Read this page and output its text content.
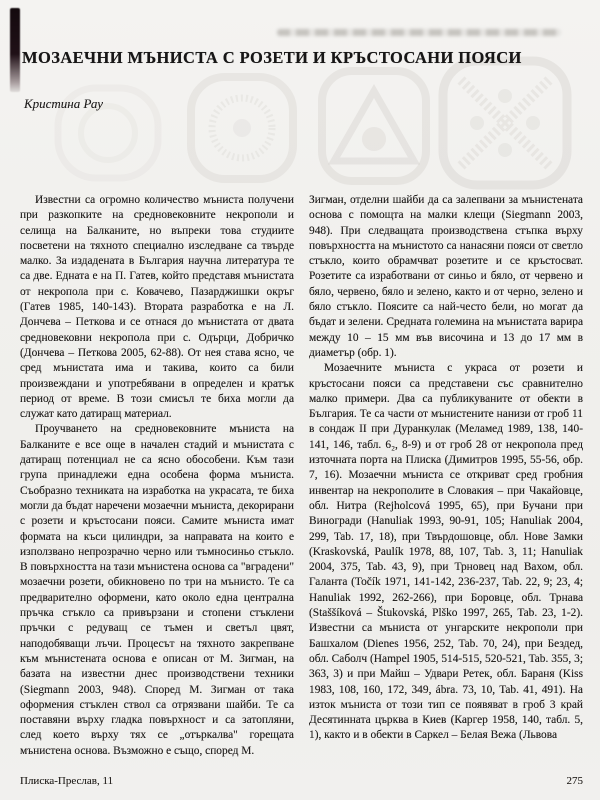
МОЗАЕЧНИ МЪНИСТА С РОЗЕТИ И КРЪСТОСАНИ ПОЯСИ
Кристина Рау

Известни са огромно количество мъниста получени при разкопките на средновековните некрополи и селища на Балканите, но въпреки това студиите посветени на тяхното специално изследване са твърде малко. За издадената в България научна литература те са две. Едната е на П. Гатев, който представя мънистата от некропола при с. Ковачево, Пазарджишки окръг (Гатев 1985, 140-143). Втората разработка е на Л. Дончева – Петкова и се отнася до мънистата от двата средновековни некропола при с. Одърци, Добричко (Дончева – Петкова 2005, 62-88). От нея става ясно, че сред мънистата има и такива, които са били произвеждани и употребявани в определен и кратък период от време. В този смисъл те биха могли да служат като датиращ материал.

Проучването на средновековните мъниста на Балканите е все още в начален стадий и мънистата с датиращ потенциал не са ясно обособени. Към тази група принадлежи една особена форма мъниста. Съобразно техниката на изработка на украсата, те биха могли да бъдат наречени мозаечни мъниста, декорирани с розети и кръстосани пояси. Самите мъниста имат формата на къси цилиндри, за направата на които е използвано непрозрачно черно или тъмносиньо стъкло. В повърхността на тази мънистена основа са "вградени" мозаечни розети, обикновено по три на мънисто. Те са предварително оформени, като около една централна пръчка стъкло са привързани и стопени стъклени пръчки с редуващ се тъмен и светъл цвят, наподобяващи лъчи. Процесът на тяхното закрепване към мънистената основа е описан от М. Зигман, на базата на известни днес производствени техники (Siegmann 2003, 948). Според М. Зигман от така оформения стъклен ствол са отрязвани шайби. Те са поставяни върху гладка повърхност и са затопляни, след което върху тях се „отъркалва" горещата мънистена основа. Възможно е също, според М.

Зигман, отделни шайби да са залепвани за мънистената основа с помощта на малки клещи (Siegmann 2003, 948). При следващата производствена стъпка върху повърхността на мънистото са нанасяни пояси от светло стъкло, които обрамчват розетите и се кръстосват. Розетите са изработвани от синьо и бяло, от червено и бяло, червено, бяло и зелено, както и от черно, зелено и бяло стъкло. Поясите са най-често бели, но могат да бъдат и зелени. Средната големина на мънистата варира между 10 – 15 мм във височина и 13 до 17 мм в диаметър (обр. 1).

Мозаечните мъниста с украса от розети и кръстосани пояси са представени със сравнително малко примери. Два са публикуваните от обекти в България. Те са части от мънистените нанизи от гроб 11 в сондаж II при Дуранкулак (Меламед 1989, 138, 140-141, 146, табл. 6₂, 8-9) и от гроб 28 от некропола пред източната порта на Плиска (Димитров 1995, 55-56, обр. 7, 16). Мозаечни мъниста се откриват сред гробния инвентар на некрополите в Словакия – при Чакайовце, обл. Нитра (Rejholcová 1995, 65), при Бучани при Виногради (Hanuliak 1993, 90-91, 105; Hanuliak 2004, 299, Tab. 17, 18), при Твърдошовце, обл. Нове Замки (Kraskovská, Paulík 1978, 88, 107, Tab. 3, 11; Hanuliak 2004, 375, Tab. 43, 9), при Трновец над Вахом, обл. Галанта (Točík 1971, 141-142, 236-237, Tab. 22, 9; 23, 4; Hanuliak 1992, 262-266), при Боровце, обл. Трнава (Staššíková – Štukovská, Plško 1997, 265, Tab. 23, 1-2). Известни са мъниста от унгарските некрополи при Башхалом (Dienes 1956, 252, Tab. 70, 24), при Бездед, обл. Саболч (Hampel 1905, 514-515, 520-521, Tab. 355, 3; 363, 3) и при Майш – Удвари Ретек, обл. Бараня (Kiss 1983, 108, 160, 172, 349, ábra. 73, 10, Tab. 41, 491). На изток мъниста от този тип се появяват в гроб 3 край Десятинната църква в Киев (Каргер 1958, 140, табл. 5, 1), както и в обекти в Саркел – Белая Вежа (Львова

Плиска-Преслав, 11	275
